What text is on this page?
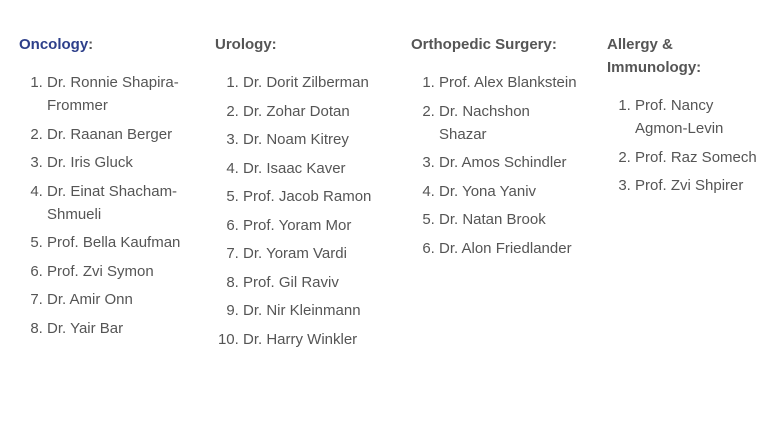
Oncology:
1. Dr. Ronnie Shapira- Frommer
2. Dr. Raanan Berger
3. Dr. Iris Gluck
4. Dr. Einat Shacham-Shmueli
5. Prof. Bella Kaufman
6. Prof. Zvi Symon
7. Dr. Amir Onn
8. Dr. Yair Bar
Urology:
1. Dr. Dorit Zilberman
2. Dr. Zohar Dotan
3. Dr. Noam Kitrey
4. Dr. Isaac Kaver
5. Prof. Jacob Ramon
6. Prof. Yoram Mor
7. Dr. Yoram Vardi
8. Prof. Gil Raviv
9. Dr. Nir Kleinmann
10. Dr. Harry Winkler
Orthopedic Surgery:
1. Prof. Alex Blankstein
2. Dr. Nachshon Shazar
3. Dr. Amos Schindler
4. Dr. Yona Yaniv
5. Dr. Natan Brook
6. Dr. Alon Friedlander
Allergy & Immunology:
1. Prof. Nancy Agmon-Levin
2. Prof. Raz Somech
3. Prof. Zvi Shpirer
